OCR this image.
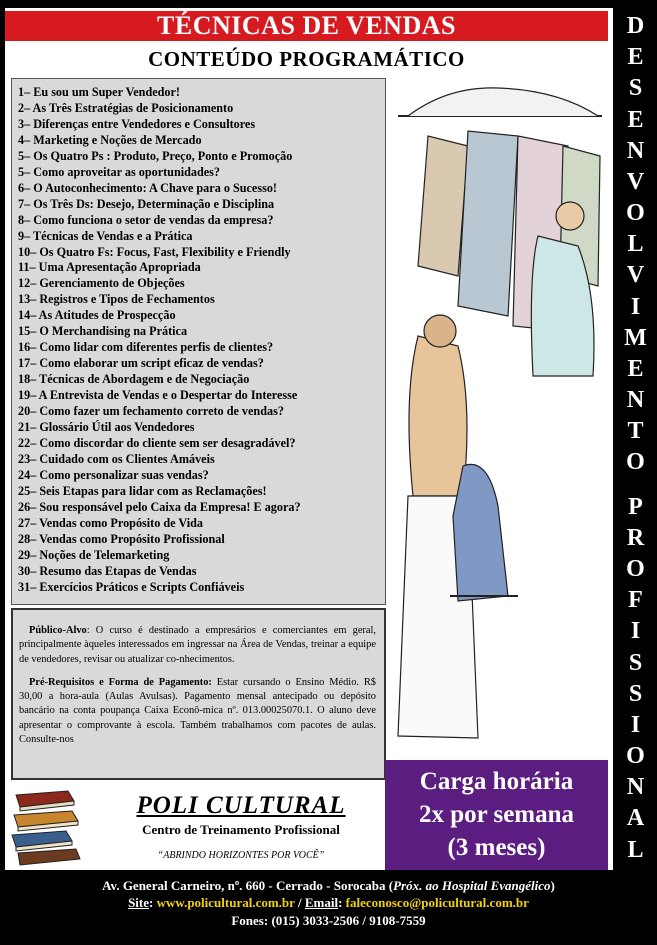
TÉCNICAS DE VENDAS
CONTEÚDO PROGRAMÁTICO
D
E
S
E
N
V
O
L
V
I
M
E
N
T
O
P
R
O
F
I
S
S
I
O
N
A
L
1– Eu sou um Super Vendedor!
2– As Três Estratégias de Posicionamento
3– Diferenças entre Vendedores e Consultores
4– Marketing e Noções de Mercado
5– Os Quatro Ps : Produto, Preço, Ponto e Promoção
5– Como aproveitar as oportunidades?
6– O Autoconhecimento: A Chave para o Sucesso!
7– Os Três Ds: Desejo, Determinação e Disciplina
8– Como funciona o setor de vendas da empresa?
9– Técnicas de Vendas e a Prática
10– Os Quatro Fs: Focus, Fast, Flexibility e Friendly
11– Uma Apresentação Apropriada
12– Gerenciamento de Objeções
13– Registros e Tipos de Fechamentos
14– As Atitudes de Prospecção
15– O Merchandising na Prática
16– Como lidar com diferentes perfis de clientes?
17– Como elaborar um script eficaz de vendas?
18– Técnicas de Abordagem e de Negociação
19– A Entrevista de Vendas e o Despertar do Interesse
20– Como fazer um fechamento correto de vendas?
21– Glossário Útil aos Vendedores
22– Como discordar do cliente sem ser desagradável?
23– Cuidado com os Clientes Amáveis
24– Como personalizar suas vendas?
25– Seis Etapas para lidar com as Reclamações!
26– Sou responsável pelo Caixa da Empresa! E agora?
27– Vendas como Propósito de Vida
28– Vendas como Propósito Profissional
29– Noções de Telemarketing
30– Resumo das Etapas de Vendas
31– Exercícios Práticos e Scripts Confiáveis

Público-Alvo: O curso é destinado a empresários e comerciantes em geral, principalmente àqueles interessados em ingressar na Área de Vendas, treinar a equipe de vendedores, revisar ou atualizar co-nhecimentos.

Pré-Requisitos e Forma de Pagamento: Estar cursando o Ensino Médio. R$ 30,00 a hora-aula (Aulas Avulsas). Pagamento mensal antecipado ou depósito bancário na conta poupança Caixa Econô-mica nº. 013.00025070.1. O aluno deve apresentar o comprovante à escola. Também trabalhamos com pacotes de aulas. Consulte-nos

Carga horária
2x por semana
(3 meses)
POLI CULTURAL
Centro de Treinamento Profissional
“ABRINDO HORIZONTES POR VOCÊ”
Av. General Carneiro, nº. 660 - Cerrado - Sorocaba (Próx. ao Hospital Evangélico)
Site: www.policultural.com.br / Email: faleconosco@policultural.com.br
Fones: (015) 3033-2506 / 9108-7559
